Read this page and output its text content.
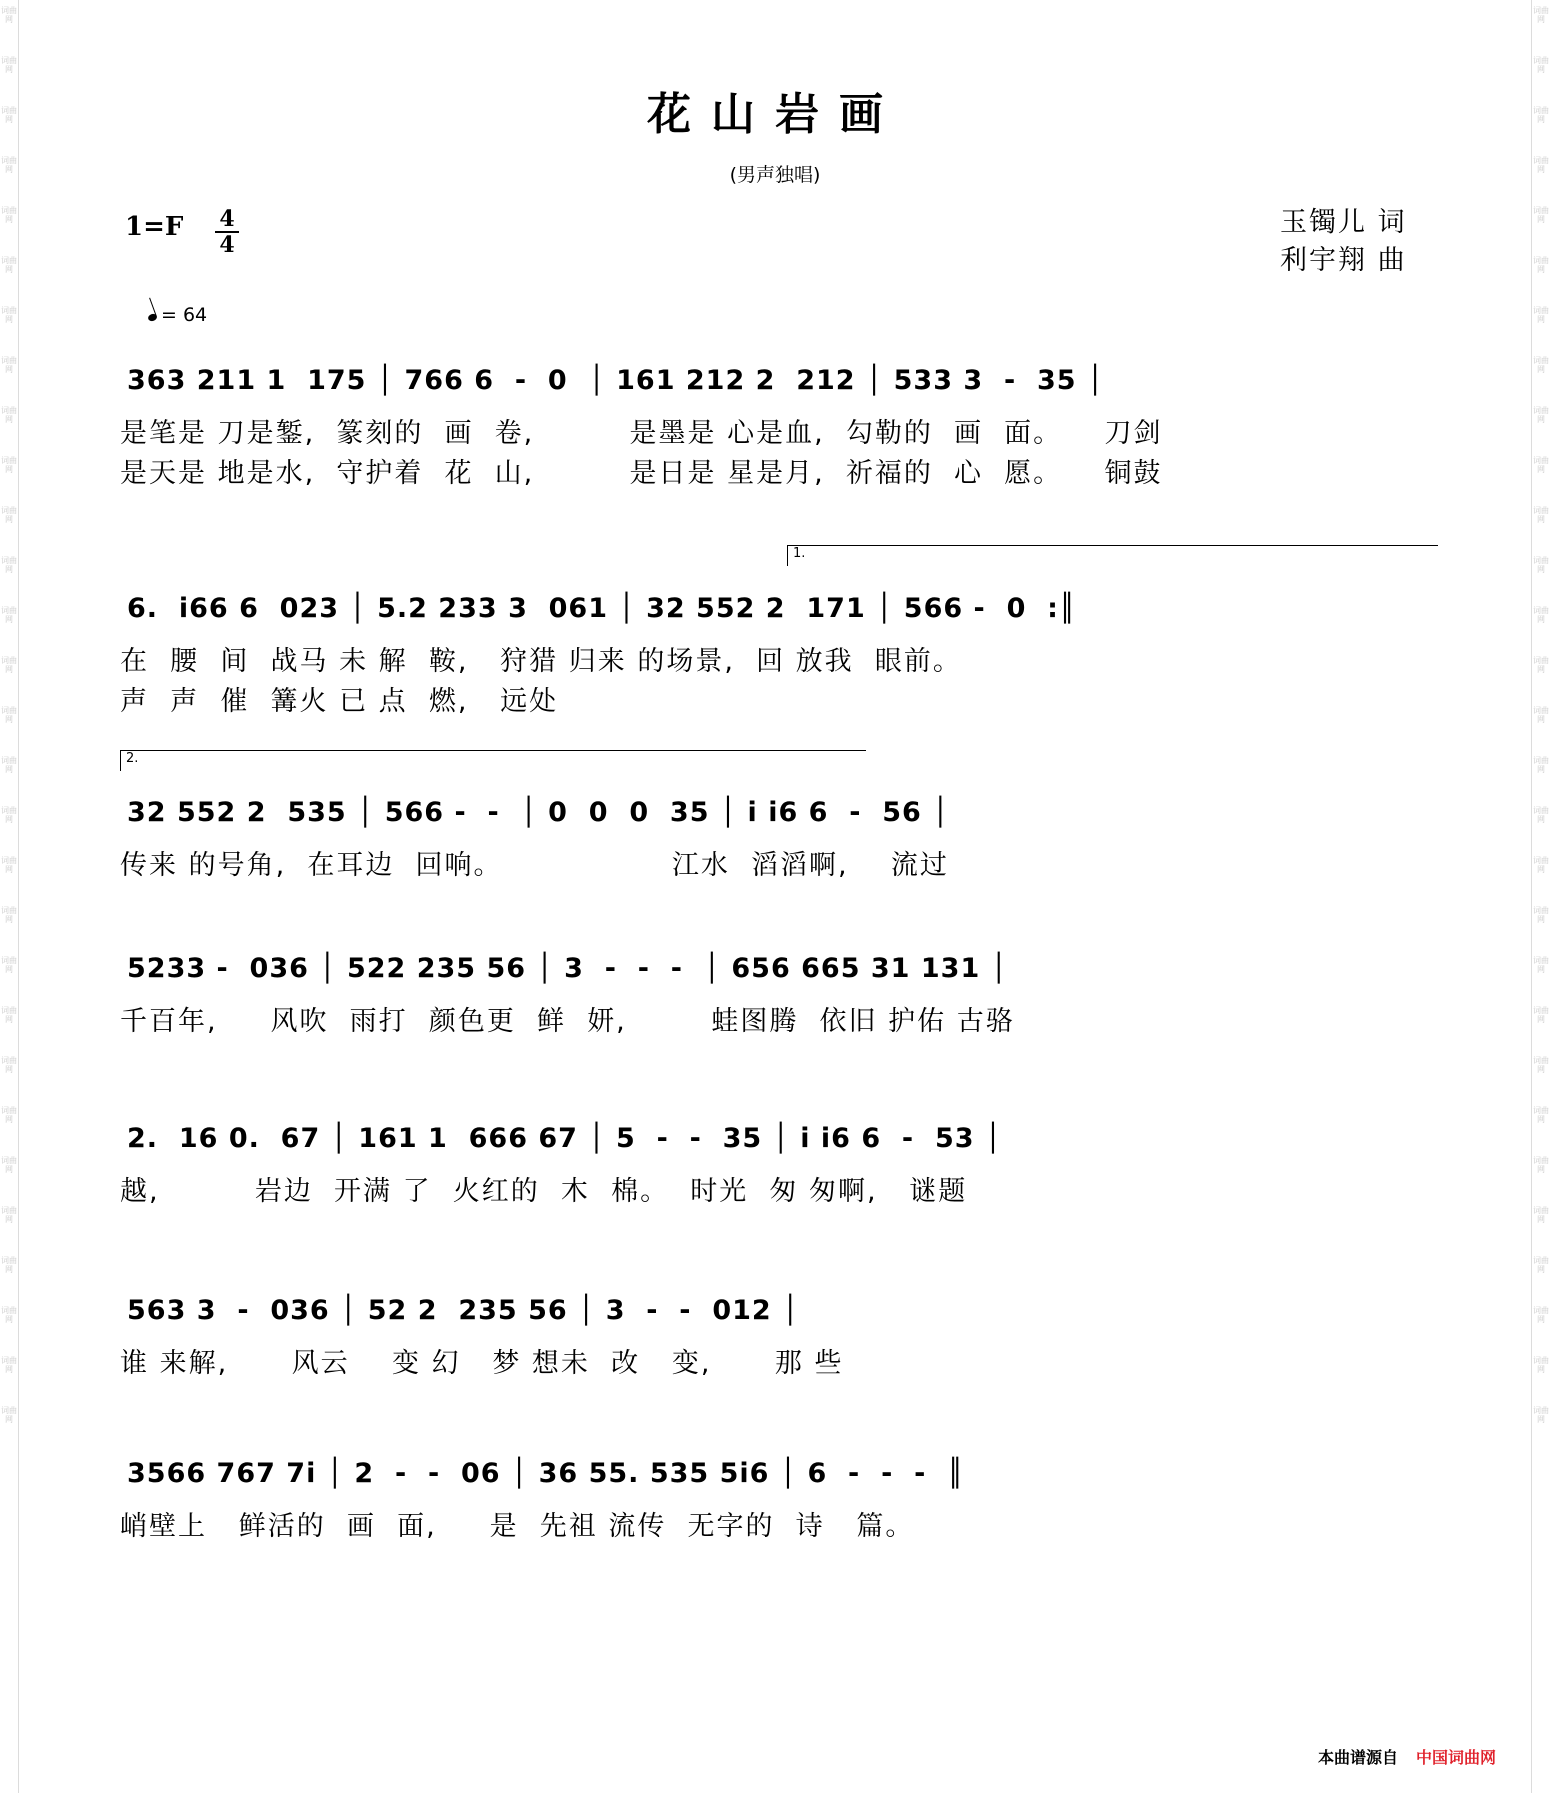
词曲网
词曲网
词曲网
词曲网
词曲网
词曲网
词曲网
词曲网
词曲网
词曲网
词曲网
词曲网
词曲网
词曲网
词曲网
词曲网
词曲网
词曲网
词曲网
词曲网
词曲网
词曲网
词曲网
词曲网
词曲网
词曲网
词曲网
词曲网
词曲网
词曲网
词曲网
词曲网
词曲网
词曲网
词曲网
词曲网
词曲网
词曲网
词曲网
词曲网
词曲网
词曲网
词曲网
词曲网
词曲网
词曲网
词曲网
词曲网
词曲网
词曲网
词曲网
词曲网
词曲网
词曲网
词曲网
词曲网
词曲网
词曲网
花山岩画
(男声独唱)
1=F 4
4
玉镯儿 词
利宇翔 曲
= 64
363 211 1  175 │ 766 6  -  0  │ 161 212 2  212 │ 533 3  -  35 │
是笔是 刀是錾,  篆刻的  画  卷,         是墨是 心是血,  勾勒的  画  面。    刀剑
是天是 地是水,  守护着  花  山,         是日是 星是月,  祈福的  心  愿。    铜鼓
1.
6.  i66 6  023 │ 5.2 233 3  061 │ 32 552 2  171 │ 566 -  0  :║
在  腰  间  战马 未 解  鞍,   狩猎 归来 的场景,  回 放我  眼前。
声  声  催  篝火 已 点  燃,   远处
2.
32 552 2  535 │ 566 -  -  │ 0  0  0  35 │ i i6 6  -  56 │
传来 的号角,  在耳边  回响。                江水  滔滔啊,    流过
5233 -  036 │ 522 235 56 │ 3  -  -  -  │ 656 665 31 131 │
千百年,     风吹  雨打  颜色更  鲜  妍,        蛙图腾  依旧 护佑 古骆
2.  16 0.  67 │ 161 1  666 67 │ 5  -  -  35 │ i i6 6  -  53 │
越,         岩边  开满 了  火红的  木  棉。  时光  匆 匆啊,   谜题
563 3  -  036 │ 52 2  235 56 │ 3  -  -  012 │
谁 来解,      风云    变 幻   梦 想未  改   变,      那 些
3566 767 7i │ 2  -  -  06 │ 36 55. 535 5i6 │ 6  -  -  -  ║
峭壁上   鲜活的  画  面,     是  先祖 流传  无字的  诗   篇。
本曲谱源自 中国词曲网
